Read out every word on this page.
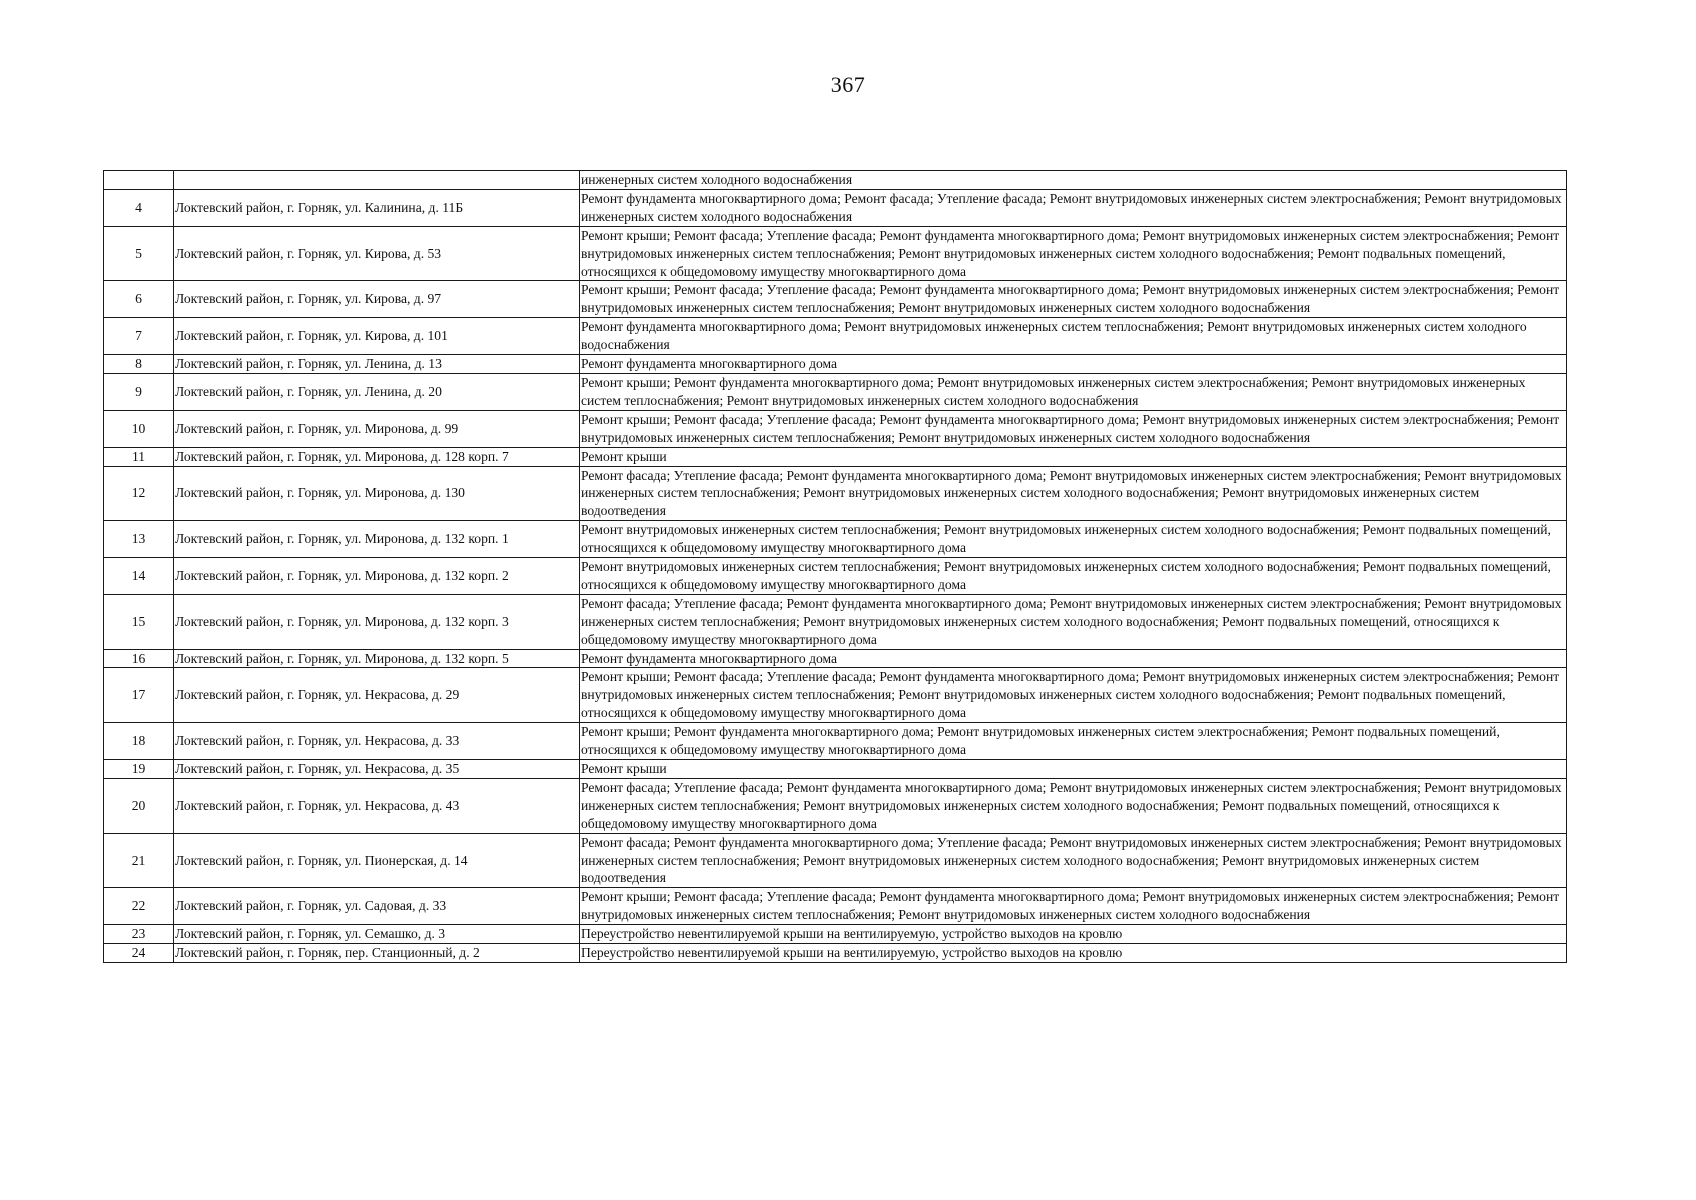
367
		инженерных систем холодного водоснабжения
4	Локтевский район, г. Горняк, ул. Калинина, д. 11Б	Ремонт фундамента многоквартирного дома; Ремонт фасада; Утепление фасада; Ремонт внутридомовых инженерных систем электроснабжения; Ремонт внутридомовых инженерных систем холодного водоснабжения
5	Локтевский район, г. Горняк, ул. Кирова, д. 53	Ремонт крыши; Ремонт фасада; Утепление фасада; Ремонт фундамента многоквартирного дома; Ремонт внутридомовых инженерных систем электроснабжения; Ремонт внутридомовых инженерных систем теплоснабжения; Ремонт внутридомовых инженерных систем холодного водоснабжения; Ремонт подвальных помещений, относящихся к общедомовому имуществу многоквартирного дома
6	Локтевский район, г. Горняк, ул. Кирова, д. 97	Ремонт крыши; Ремонт фасада; Утепление фасада; Ремонт фундамента многоквартирного дома; Ремонт внутридомовых инженерных систем электроснабжения; Ремонт внутридомовых инженерных систем теплоснабжения; Ремонт внутридомовых инженерных систем холодного водоснабжения
7	Локтевский район, г. Горняк, ул. Кирова, д. 101	Ремонт фундамента многоквартирного дома; Ремонт внутридомовых инженерных систем теплоснабжения; Ремонт внутридомовых инженерных систем холодного водоснабжения
8	Локтевский район, г. Горняк, ул. Ленина, д. 13	Ремонт фундамента многоквартирного дома
9	Локтевский район, г. Горняк, ул. Ленина, д. 20	Ремонт крыши; Ремонт фундамента многоквартирного дома; Ремонт внутридомовых инженерных систем электроснабжения; Ремонт внутридомовых инженерных систем теплоснабжения; Ремонт внутридомовых инженерных систем холодного водоснабжения
10	Локтевский район, г. Горняк, ул. Миронова, д. 99	Ремонт крыши; Ремонт фасада; Утепление фасада; Ремонт фундамента многоквартирного дома; Ремонт внутридомовых инженерных систем электроснабжения; Ремонт внутридомовых инженерных систем теплоснабжения; Ремонт внутридомовых инженерных систем холодного водоснабжения
11	Локтевский район, г. Горняк, ул. Миронова, д. 128 корп. 7	Ремонт крыши
12	Локтевский район, г. Горняк, ул. Миронова, д. 130	Ремонт фасада; Утепление фасада; Ремонт фундамента многоквартирного дома; Ремонт внутридомовых инженерных систем электроснабжения; Ремонт внутридомовых инженерных систем теплоснабжения; Ремонт внутридомовых инженерных систем холодного водоснабжения; Ремонт внутридомовых инженерных систем водоотведения
13	Локтевский район, г. Горняк, ул. Миронова, д. 132 корп. 1	Ремонт внутридомовых инженерных систем теплоснабжения; Ремонт внутридомовых инженерных систем холодного водоснабжения; Ремонт подвальных помещений, относящихся к общедомовому имуществу многоквартирного дома
14	Локтевский район, г. Горняк, ул. Миронова, д. 132 корп. 2	Ремонт внутридомовых инженерных систем теплоснабжения; Ремонт внутридомовых инженерных систем холодного водоснабжения; Ремонт подвальных помещений, относящихся к общедомовому имуществу многоквартирного дома
15	Локтевский район, г. Горняк, ул. Миронова, д. 132 корп. 3	Ремонт фасада; Утепление фасада; Ремонт фундамента многоквартирного дома; Ремонт внутридомовых инженерных систем электроснабжения; Ремонт внутридомовых инженерных систем теплоснабжения; Ремонт внутридомовых инженерных систем холодного водоснабжения; Ремонт подвальных помещений, относящихся к общедомовому имуществу многоквартирного дома
16	Локтевский район, г. Горняк, ул. Миронова, д. 132 корп. 5	Ремонт фундамента многоквартирного дома
17	Локтевский район, г. Горняк, ул. Некрасова, д. 29	Ремонт крыши; Ремонт фасада; Утепление фасада; Ремонт фундамента многоквартирного дома; Ремонт внутридомовых инженерных систем электроснабжения; Ремонт внутридомовых инженерных систем теплоснабжения; Ремонт внутридомовых инженерных систем холодного водоснабжения; Ремонт подвальных помещений, относящихся к общедомовому имуществу многоквартирного дома
18	Локтевский район, г. Горняк, ул. Некрасова, д. 33	Ремонт крыши; Ремонт фундамента многоквартирного дома; Ремонт внутридомовых инженерных систем электроснабжения; Ремонт подвальных помещений, относящихся к общедомовому имуществу многоквартирного дома
19	Локтевский район, г. Горняк, ул. Некрасова, д. 35	Ремонт крыши
20	Локтевский район, г. Горняк, ул. Некрасова, д. 43	Ремонт фасада; Утепление фасада; Ремонт фундамента многоквартирного дома; Ремонт внутридомовых инженерных систем электроснабжения; Ремонт внутридомовых инженерных систем теплоснабжения; Ремонт внутридомовых инженерных систем холодного водоснабжения; Ремонт подвальных помещений, относящихся к общедомовому имуществу многоквартирного дома
21	Локтевский район, г. Горняк, ул. Пионерская, д. 14	Ремонт фасада; Ремонт фундамента многоквартирного дома; Утепление фасада; Ремонт внутридомовых инженерных систем электроснабжения; Ремонт внутридомовых инженерных систем теплоснабжения; Ремонт внутридомовых инженерных систем холодного водоснабжения; Ремонт внутридомовых инженерных систем водоотведения
22	Локтевский район, г. Горняк, ул. Садовая, д. 33	Ремонт крыши; Ремонт фасада; Утепление фасада; Ремонт фундамента многоквартирного дома; Ремонт внутридомовых инженерных систем электроснабжения; Ремонт внутридомовых инженерных систем теплоснабжения; Ремонт внутридомовых инженерных систем холодного водоснабжения
23	Локтевский район, г. Горняк, ул. Семашко, д. 3	Переустройство невентилируемой крыши на вентилируемую, устройство выходов на кровлю
24	Локтевский район, г. Горняк, пер. Станционный, д. 2	Переустройство невентилируемой крыши на вентилируемую, устройство выходов на кровлю
